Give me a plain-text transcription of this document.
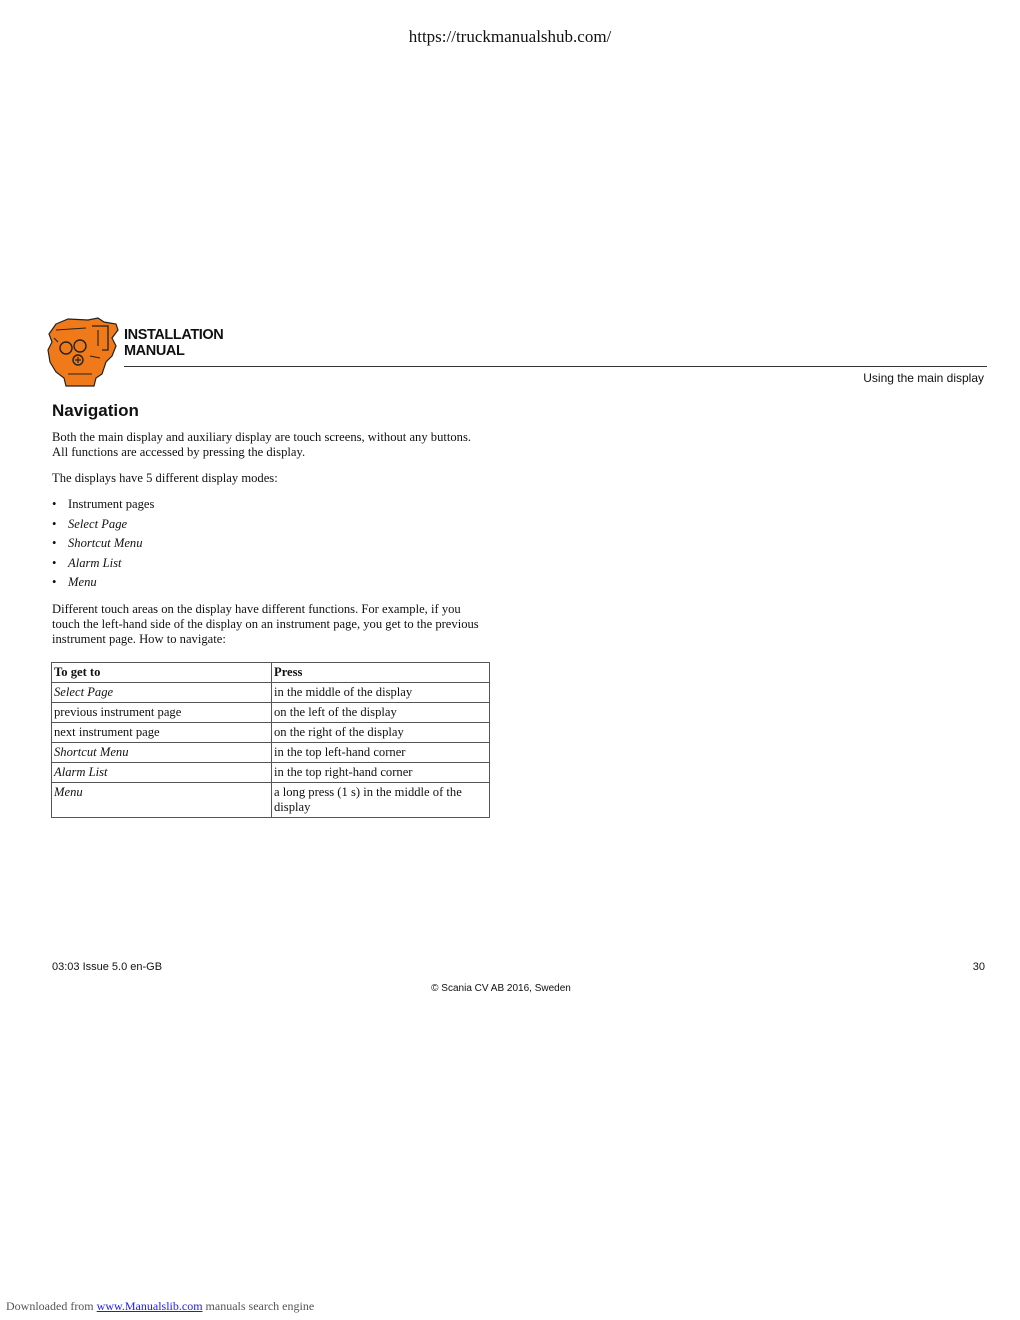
https://truckmanualshub.com/
INSTALLATION
MANUAL
Using the main display
Navigation
Both the main display and auxiliary display are touch screens, without any buttons.
All functions are accessed by pressing the display.
The displays have 5 different display modes:
• Instrument pages
• Select Page
• Shortcut Menu
• Alarm List
• Menu
Different touch areas on the display have different functions. For example, if you
touch the left-hand side of the display on an instrument page, you get to the previous
instrument page. How to navigate:
To get to	Press
Select Page	in the middle of the display
previous instrument page	on the left of the display
next instrument page	on the right of the display
Shortcut Menu	in the top left-hand corner
Alarm List	in the top right-hand corner
Menu	a long press (1 s) in the middle of the display
03:03 Issue 5.0 en-GB	30
© Scania CV AB 2016, Sweden
Downloaded from www.Manualslib.com manuals search engine
